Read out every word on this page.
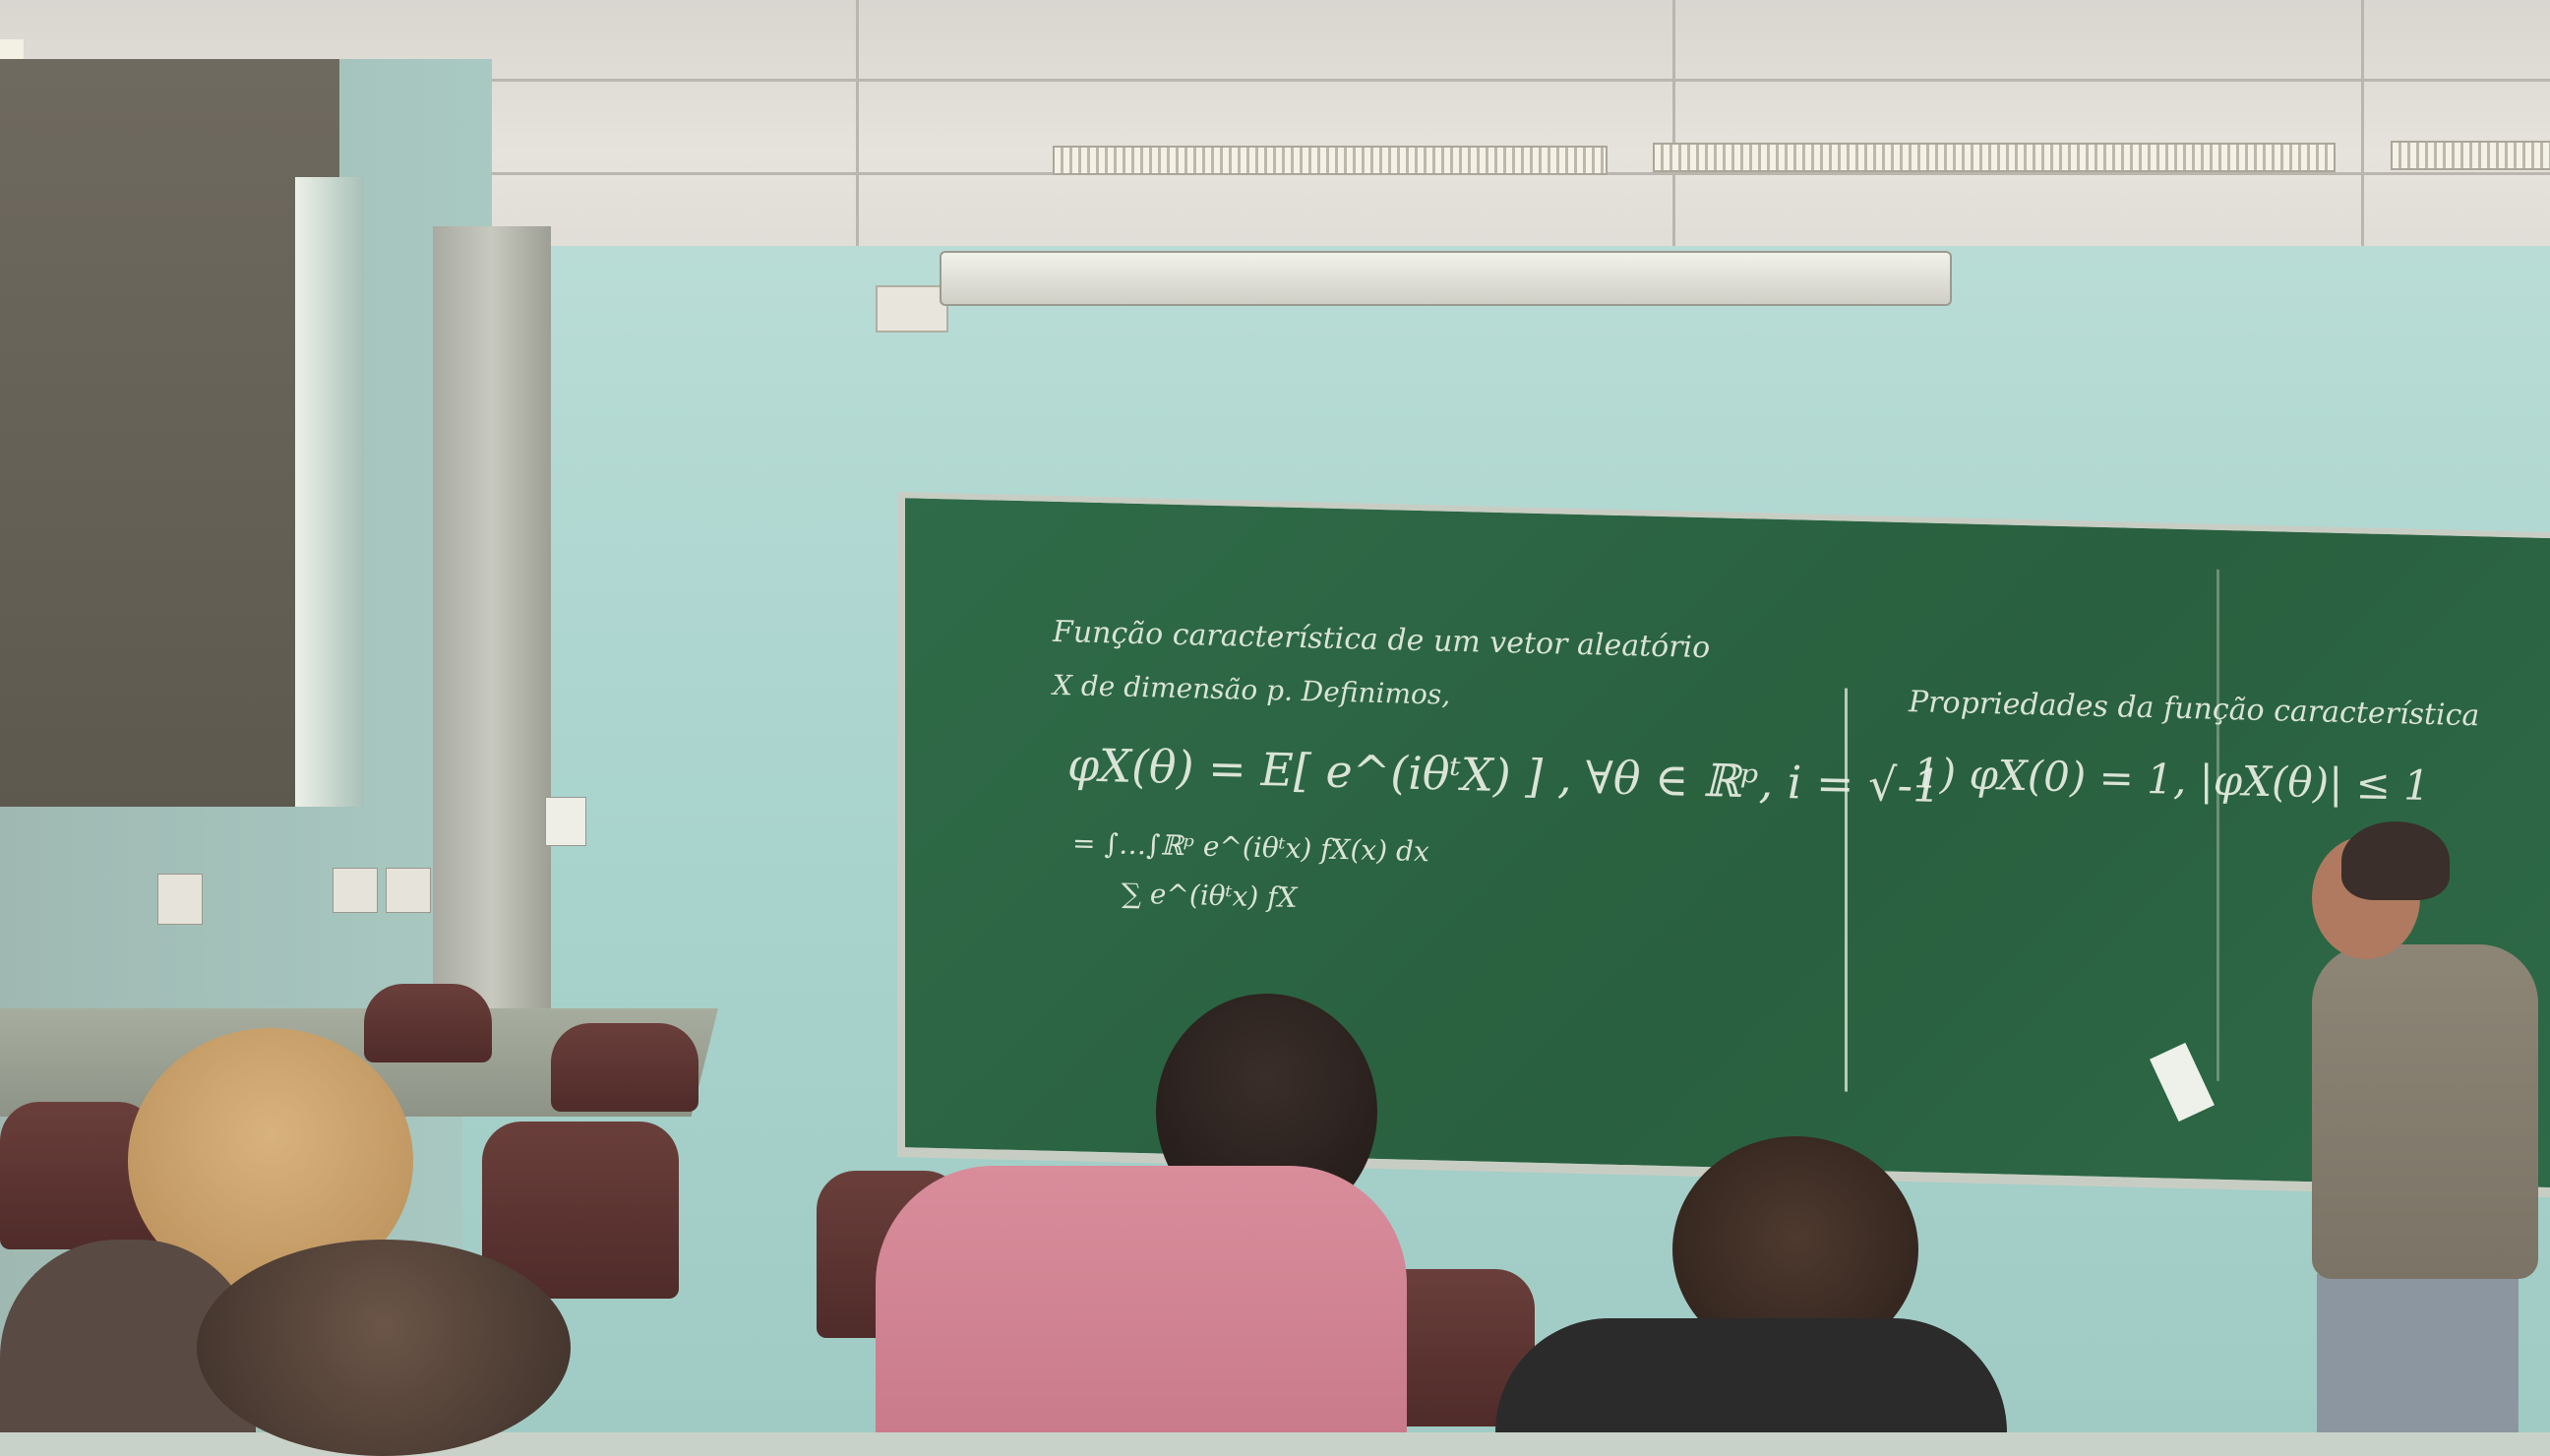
Função característica de um vetor aleatório
X de dimensão p. Definimos,
φX(θ) = E[ e^(iθᵗX) ] , ∀θ ∈ ℝᵖ, i = √-1
= ∫…∫ℝᵖ e^(iθᵗx) fX(x) dx
∑ e^(iθᵗx) fX
Propriedades da função característica
1) φX(0) = 1, |φX(θ)| ≤ 1
